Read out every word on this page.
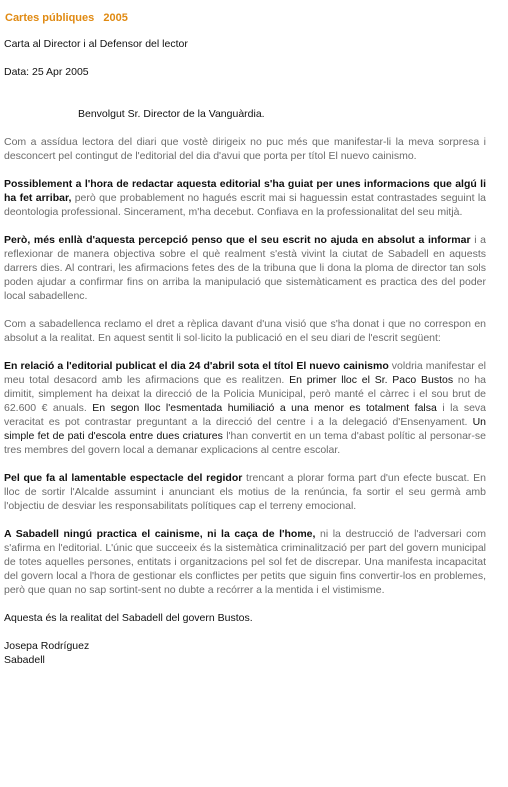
Cartes públiques   2005
Carta al Director i al Defensor del lector
Data: 25 Apr 2005
Benvolgut Sr. Director de la Vanguàrdia.

Com a assídua lectora del diari que vostè dirigeix no puc més que manifestar-li la meva sorpresa i desconcert pel contingut de l'editorial del dia d'avui que porta per títol El nuevo cainismo.

Possiblement a l'hora de redactar aquesta editorial s'ha guiat per unes informacions que algú li ha fet arribar, però que probablement no hagués escrit mai si haguessin estat contrastades seguint la deontologia professional. Sincerament, m'ha decebut. Confiava en la professionalitat del seu mitjà.

Però, més enllà d'aquesta percepció penso que el seu escrit no ajuda en absolut a informar i a reflexionar de manera objectiva sobre el què realment s'està vivint la ciutat de Sabadell en aquests darrers dies. Al contrari, les afirmacions fetes des de la tribuna que li dona la ploma de director tan sols poden ajudar a confirmar fins on arriba la manipulació que sistemàticament es practica des del poder local sabadellenc.

Com a sabadellenca reclamo el dret a rèplica davant d'una visió que s'ha donat i que no correspon en absolut a la realitat. En aquest sentit li sol·licito la publicació en el seu diari de l'escrit següent:

En relació a l'editorial publicat el dia 24 d'abril sota el títol El nuevo cainismo voldria manifestar el meu total desacord amb les afirmacions que es realitzen. En primer lloc el Sr. Paco Bustos no ha dimitit, simplement ha deixat la direcció de la Policia Municipal, però manté el càrrec i el sou brut de 62.600 € anuals. En segon lloc l'esmentada humiliació a una menor es totalment falsa i la seva veracitat es pot contrastar preguntant a la direcció del centre i a la delegació d'Ensenyament. Un simple fet de pati d'escola entre dues criatures l'han convertit en un tema d'abast polític al personar-se tres membres del govern local a demanar explicacions al centre escolar.

Pel que fa al lamentable espectacle del regidor trencant a plorar forma part d'un efecte buscat. En lloc de sortir l'Alcalde assumint i anunciant els motius de la renúncia, fa sortir el seu germà amb l'objectiu de desviar les responsabilitats polítiques cap el terreny emocional.

A Sabadell ningú practica el cainisme, ni la caça de l'home, ni la destrucció de l'adversari com s'afirma en l'editorial. L'únic que succeeix és la sistemàtica criminalització per part del govern municipal de totes aquelles persones, entitats i organitzacions pel sol fet de discrepar. Una manifesta incapacitat del govern local a l'hora de gestionar els conflictes per petits que siguin fins convertir-los en problemes, però que quan no sap sortint-sent no dubte a recórrer a la mentida i el vistimisme.

Aquesta és la realitat del Sabadell del govern Bustos.

Josepa Rodríguez

Sabadell
